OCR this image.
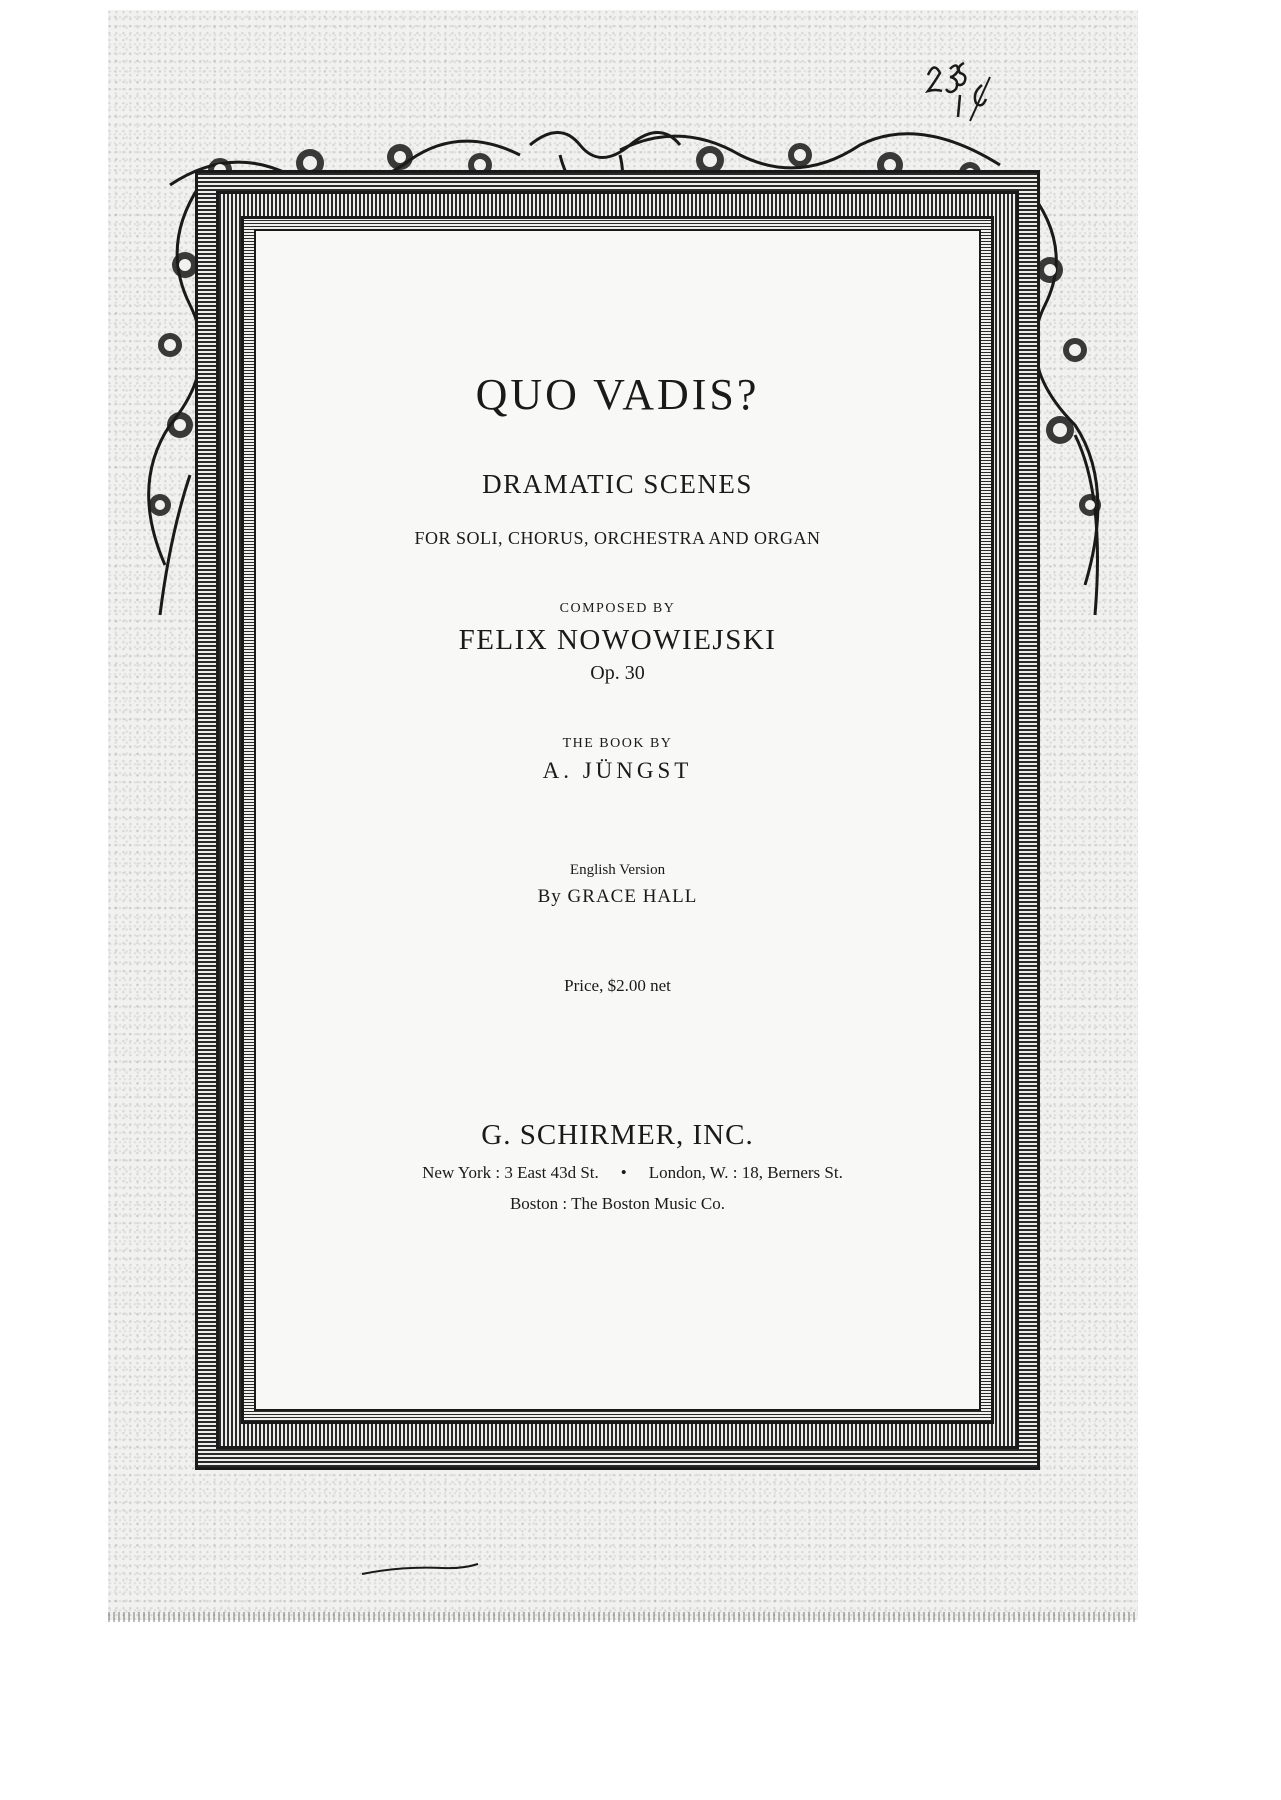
QUO VADIS?
DRAMATIC SCENES
FOR SOLI, CHORUS, ORCHESTRA AND ORGAN
COMPOSED BY
FELIX NOWOWIEJSKI
Op. 30
THE BOOK BY
A. JÜNGST
English Version
By GRACE HALL
Price, $2.00 net
G. SCHIRMER, INC.
New York : 3 East 43d St. • London, W. : 18, Berners St.
Boston : The Boston Music Co.
